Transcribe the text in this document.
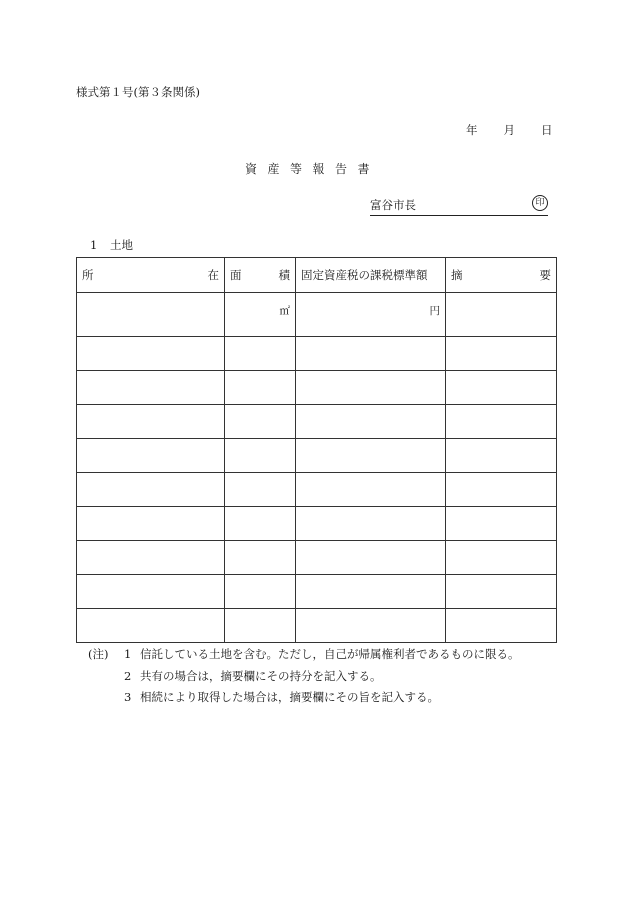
様式第１号(第３条関係)
年 月 日
資産等報告書
富谷市長	印
1 土地
所 在	面 積	固定資産税の課税標準額	摘 要

	㎡	円	

(注)	1 信託している土地を含む。ただし，自己が帰属権利者であるものに限る。
2 共有の場合は，摘要欄にその持分を記入する。
3 相続により取得した場合は，摘要欄にその旨を記入する。
